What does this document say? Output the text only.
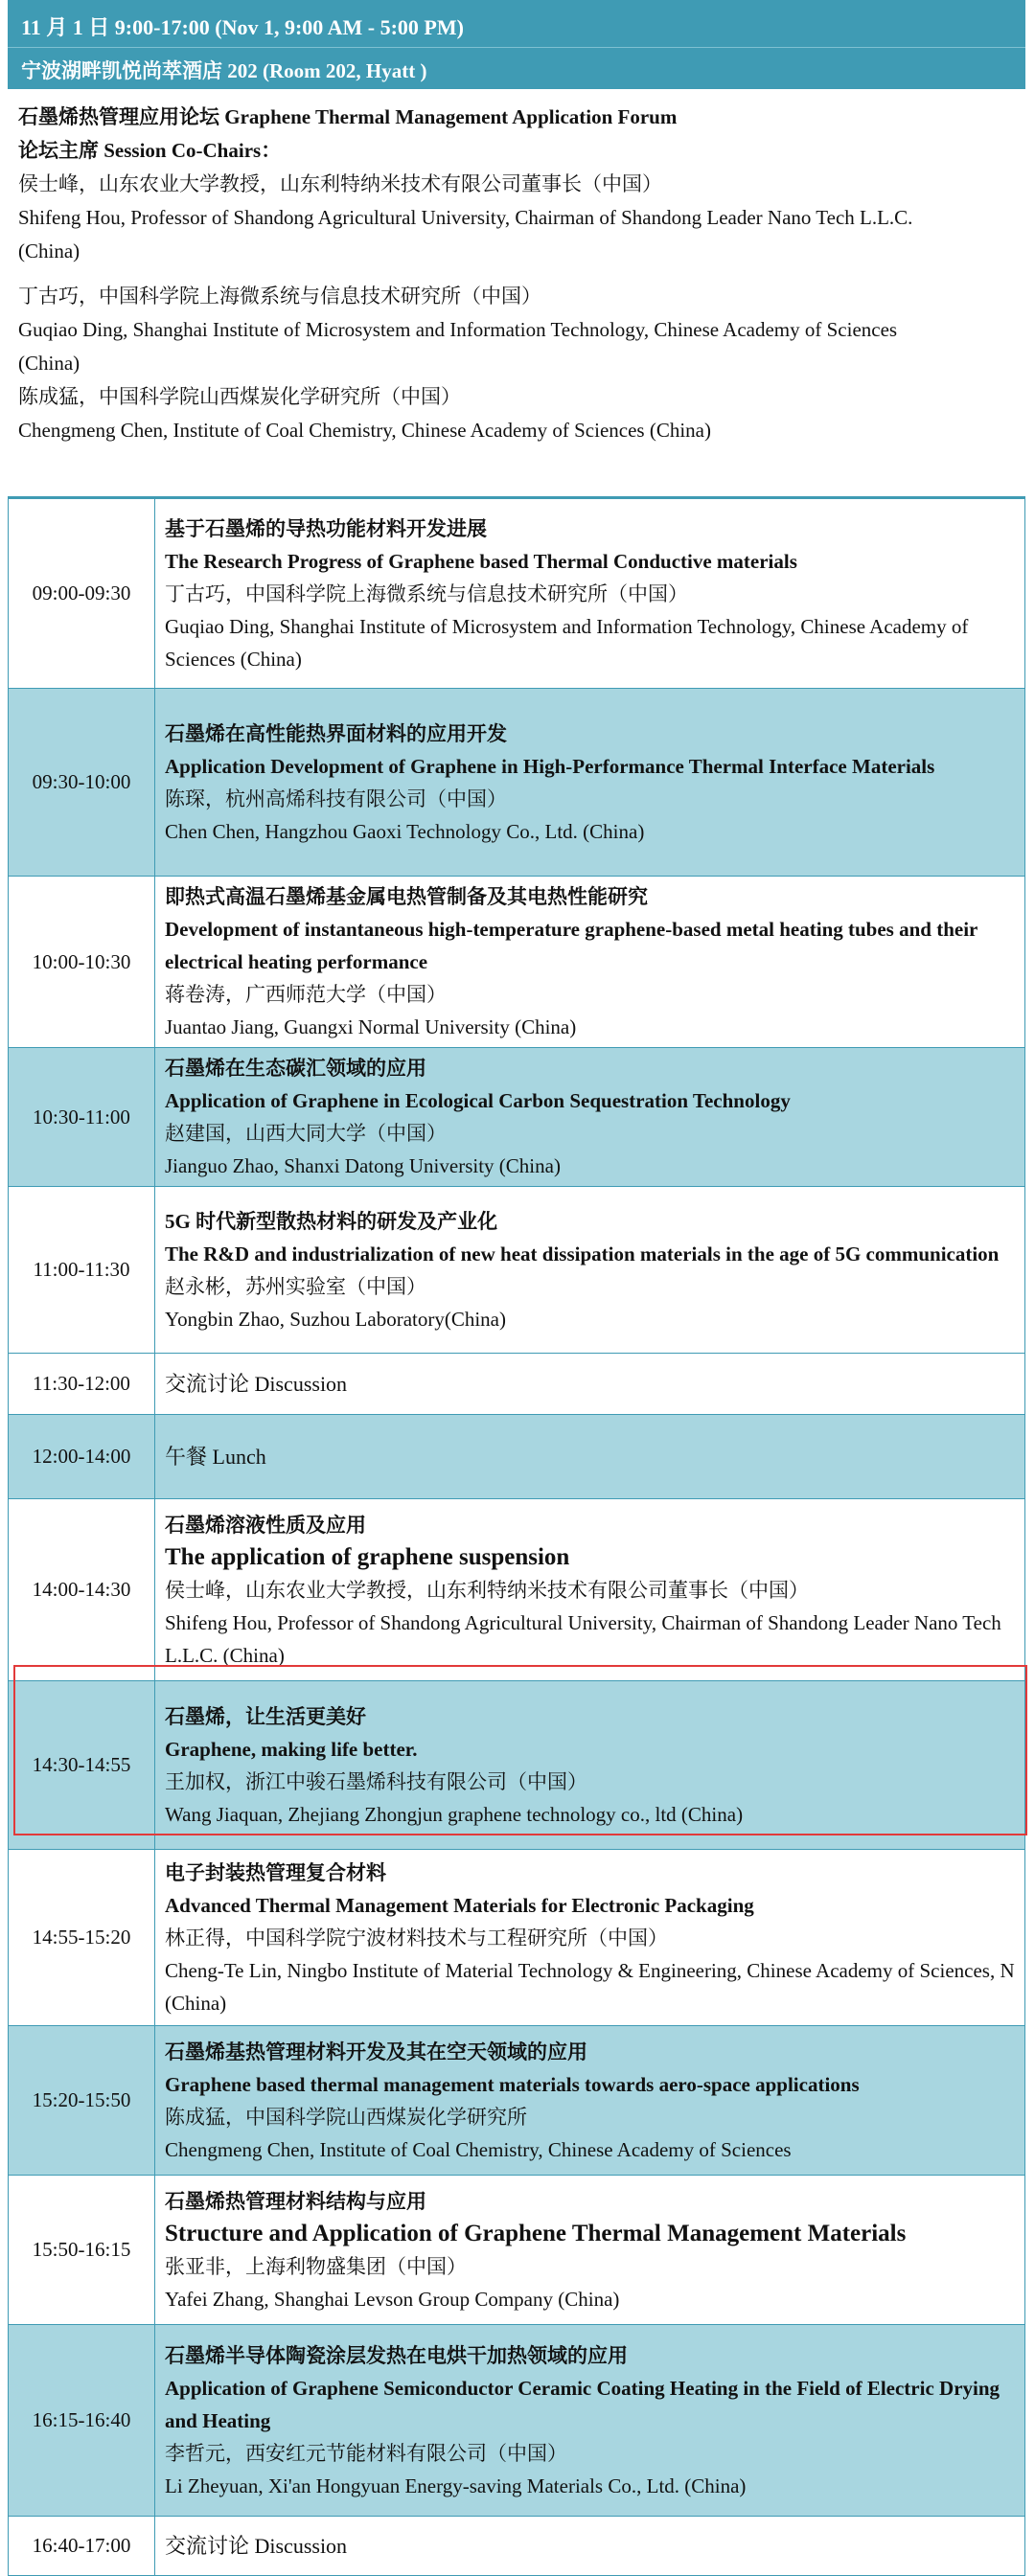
11 月 1 日 9:00-17:00 (Nov 1, 9:00 AM - 5:00 PM)
宁波湖畔凯悦尚萃酒店 202 (Room 202, Hyatt )
石墨烯热管理应用论坛 Graphene Thermal Management Application Forum
论坛主席 Session Co-Chairs：
侯士峰，山东农业大学教授，山东利特纳米技术有限公司董事长（中国）
Shifeng Hou, Professor of Shandong Agricultural University, Chairman of Shandong Leader Nano Tech L.L.C.
(China)
丁古巧，中国科学院上海微系统与信息技术研究所（中国）
Guqiao Ding, Shanghai Institute of Microsystem and Information Technology, Chinese Academy of Sciences
(China)
陈成猛，中国科学院山西煤炭化学研究所（中国）
Chengmeng Chen, Institute of Coal Chemistry, Chinese Academy of Sciences (China)
09:00-09:30	基于石墨烯的导热功能材料开发进展
The Research Progress of Graphene based Thermal Conductive materials
丁古巧，中国科学院上海微系统与信息技术研究所（中国）
Guqiao Ding, Shanghai Institute of Microsystem and Information Technology, Chinese Academy of Sciences (China)

09:30-10:00	石墨烯在高性能热界面材料的应用开发
Application Development of Graphene in High-Performance Thermal Interface Materials
陈琛，杭州高烯科技有限公司（中国）
Chen Chen, Hangzhou Gaoxi Technology Co., Ltd. (China)

10:00-10:30	即热式高温石墨烯基金属电热管制备及其电热性能研究
Development of instantaneous high-temperature graphene-based metal heating tubes and their electrical heating performance
蒋卷涛，广西师范大学（中国）
Juantao Jiang, Guangxi Normal University (China)

10:30-11:00	石墨烯在生态碳汇领域的应用
Application of Graphene in Ecological Carbon Sequestration Technology
赵建国，山西大同大学（中国）
Jianguo Zhao, Shanxi Datong University (China)

11:00-11:30	5G 时代新型散热材料的研发及产业化
The R&D and industrialization of new heat dissipation materials in the age of 5G communication
赵永彬，苏州实验室（中国）
Yongbin Zhao, Suzhou Laboratory(China)

11:30-12:00	交流讨论 Discussion

12:00-14:00	午餐 Lunch

14:00-14:30	石墨烯溶液性质及应用
The application of graphene suspension
侯士峰，山东农业大学教授，山东利特纳米技术有限公司董事长（中国）
Shifeng Hou, Professor of Shandong Agricultural University, Chairman of Shandong Leader Nano Tech L.L.C. (China)

14:30-14:55	石墨烯，让生活更美好
Graphene, making life better.
王加权，浙江中骏石墨烯科技有限公司（中国）
Wang Jiaquan, Zhejiang Zhongjun graphene technology co., ltd (China)

14:55-15:20	电子封装热管理复合材料
Advanced Thermal Management Materials for Electronic Packaging
林正得，中国科学院宁波材料技术与工程研究所（中国）
Cheng-Te Lin, Ningbo Institute of Material Technology & Engineering, Chinese Academy of Sciences, N (China)

15:20-15:50	石墨烯基热管理材料开发及其在空天领域的应用
Graphene based thermal management materials towards aero-space applications
陈成猛，中国科学院山西煤炭化学研究所
Chengmeng Chen, Institute of Coal Chemistry, Chinese Academy of Sciences

15:50-16:15	石墨烯热管理材料结构与应用
Structure and Application of Graphene Thermal Management Materials
张亚非，上海利物盛集团（中国）
Yafei Zhang, Shanghai Levson Group Company (China)

16:15-16:40	石墨烯半导体陶瓷涂层发热在电烘干加热领域的应用
Application of Graphene Semiconductor Ceramic Coating Heating in the Field of Electric Drying and Heating
李哲元，西安红元节能材料有限公司（中国）
Li Zheyuan, Xi'an Hongyuan Energy-saving Materials Co., Ltd. (China)

16:40-17:00	交流讨论 Discussion
